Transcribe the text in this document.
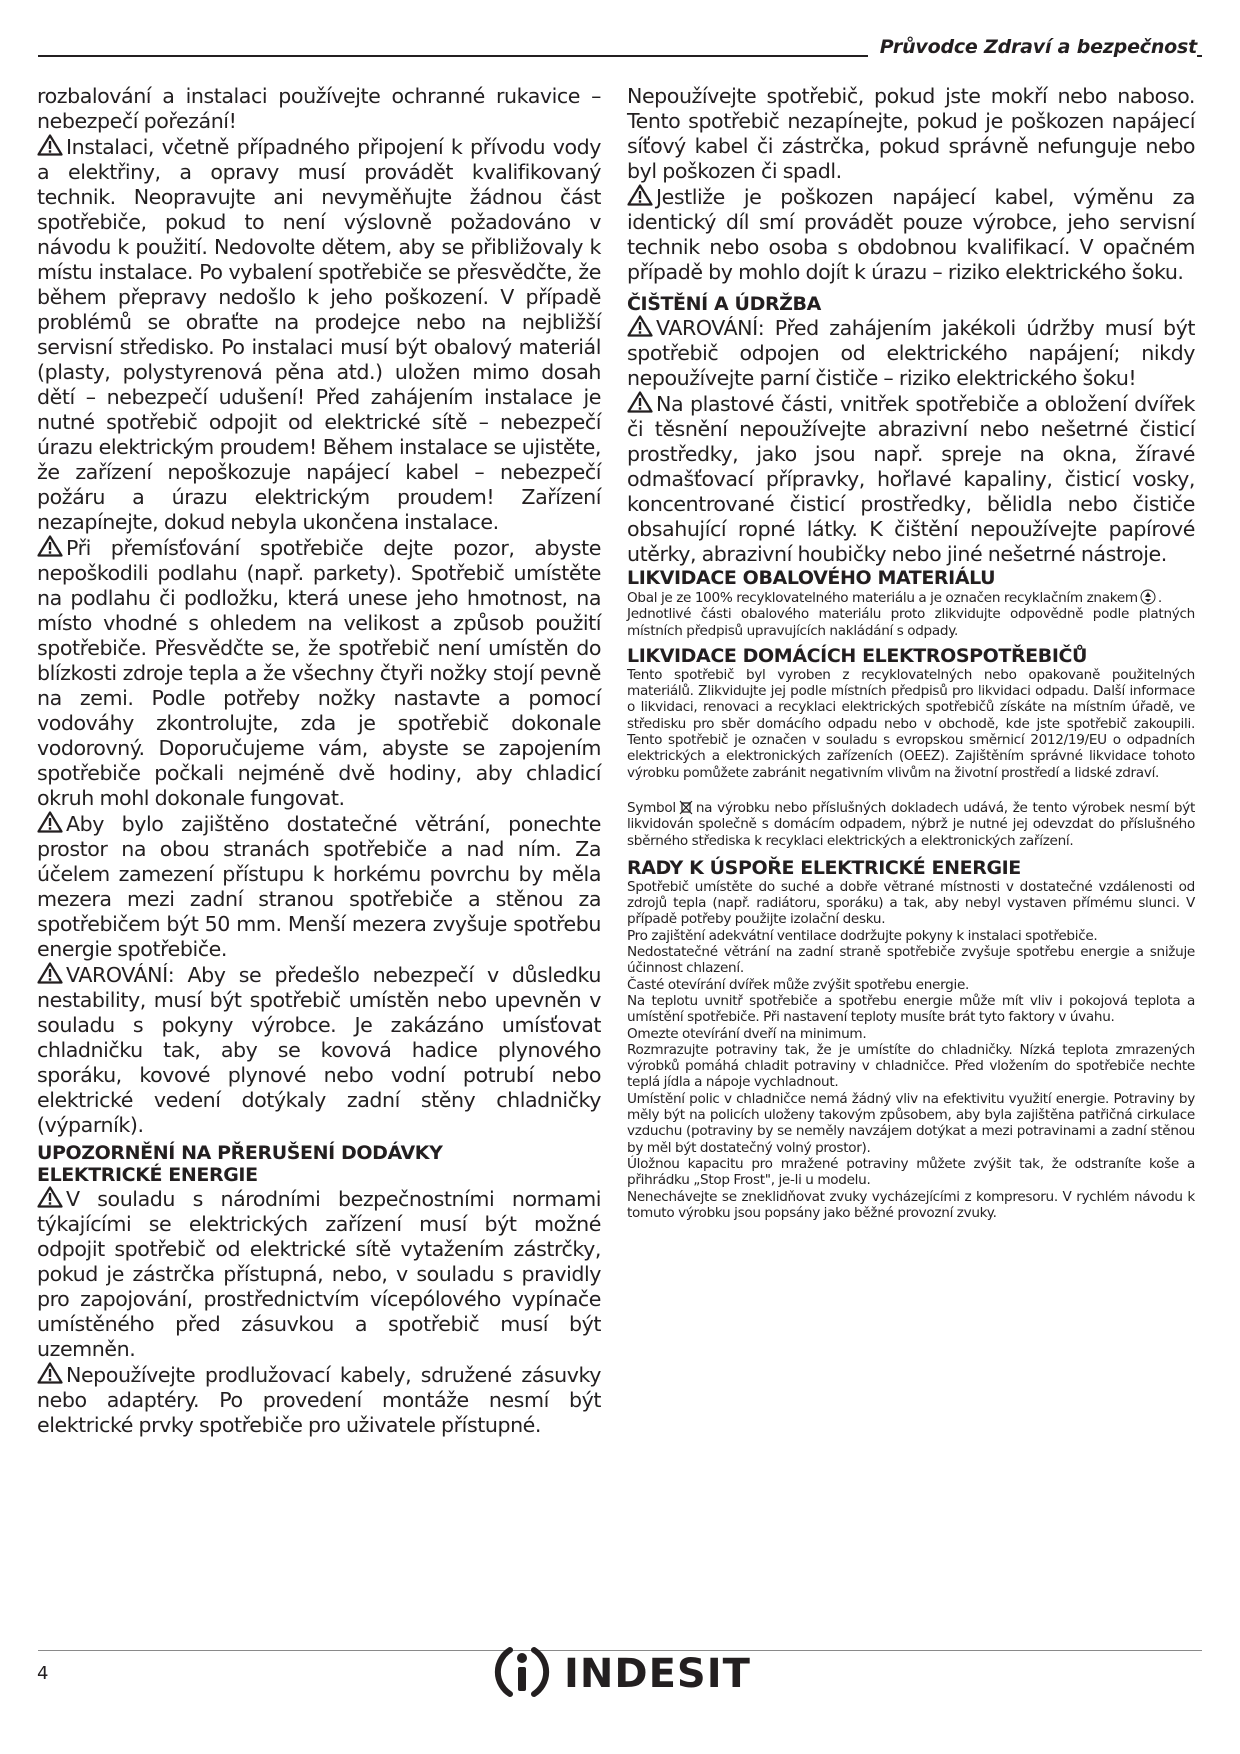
Průvodce Zdraví a bezpečnost

rozbalování a instalaci používejte ochranné rukavice – nebezpečí pořezání!

Instalaci, včetně případného připojení k přívodu vody a elektřiny, a opravy musí provádět kvalifikovaný technik. Neopravujte ani nevyměňujte žádnou část spotřebiče, pokud to není výslovně požadováno v návodu k použití. Nedovolte dětem, aby se přibližovaly k místu instalace. Po vybalení spotřebiče se přesvědčte, že během přepravy nedošlo k jeho poškození. V případě problémů se obraťte na prodejce nebo na nejbližší servisní středisko. Po instalaci musí být obalový materiál (plasty, polystyrenová pěna atd.) uložen mimo dosah dětí – nebezpečí udušení! Před zahájením instalace je nutné spotřebič odpojit od elektrické sítě – nebezpečí úrazu elektrickým proudem! Během instalace se ujistěte, že zařízení nepoškozuje napájecí kabel – nebezpečí požáru a úrazu elektrickým proudem! Zařízení nezapínejte, dokud nebyla ukončena instalace.

Při přemísťování spotřebiče dejte pozor, abyste nepoškodili podlahu (např. parkety). Spotřebič umístěte na podlahu či podložku, která unese jeho hmotnost, na místo vhodné s ohledem na velikost a způsob použití spotřebiče. Přesvědčte se, že spotřebič není umístěn do blízkosti zdroje tepla a že všechny čtyři nožky stojí pevně na zemi. Podle potřeby nožky nastavte a pomocí vodováhy zkontrolujte, zda je spotřebič dokonale vodorovný. Doporučujeme vám, abyste se zapojením spotřebiče počkali nejméně dvě hodiny, aby chladicí okruh mohl dokonale fungovat.

Aby bylo zajištěno dostatečné větrání, ponechte prostor na obou stranách spotřebiče a nad ním. Za účelem zamezení přístupu k horkému povrchu by měla mezera mezi zadní stranou spotřebiče a stěnou za spotřebičem být 50 mm. Menší mezera zvyšuje spotřebu energie spotřebiče.

VAROVÁNÍ: Aby se předešlo nebezpečí v důsledku nestability, musí být spotřebič umístěn nebo upevněn v souladu s pokyny výrobce. Je zakázáno umísťovat chladničku tak, aby se kovová hadice plynového sporáku, kovové plynové nebo vodní potrubí nebo elektrické vedení dotýkaly zadní stěny chladničky (výparník).

UPOZORNĚNÍ NA PŘERUŠENÍ DODÁVKY

ELEKTRICKÉ ENERGIE

V souladu s národními bezpečnostními normami týkajícími se elektrických zařízení musí být možné odpojit spotřebič od elektrické sítě vytažením zástrčky, pokud je zástrčka přístupná, nebo, v souladu s pravidly pro zapojování, prostřednictvím vícepólového vypínače umístěného před zásuvkou a spotřebič musí být uzemněn.

Nepoužívejte prodlužovací kabely, sdružené zásuvky nebo adaptéry. Po provedení montáže nesmí být elektrické prvky spotřebiče pro uživatele přístupné.

Nepoužívejte spotřebič, pokud jste mokří nebo naboso. Tento spotřebič nezapínejte, pokud je poškozen napájecí síťový kabel či zástrčka, pokud správně nefunguje nebo byl poškozen či spadl.

Jestliže je poškozen napájecí kabel, výměnu za identický díl smí provádět pouze výrobce, jeho servisní technik nebo osoba s obdobnou kvalifikací. V opačném případě by mohlo dojít k úrazu – riziko elektrického šoku.

ČIŠTĚNÍ A ÚDRŽBA

VAROVÁNÍ: Před zahájením jakékoli údržby musí být spotřebič odpojen od elektrického napájení; nikdy nepoužívejte parní čističe – riziko elektrického šoku!

Na plastové části, vnitřek spotřebiče a obložení dvířek či těsnění nepoužívejte abrazivní nebo nešetrné čisticí prostředky, jako jsou např. spreje na okna, žíravé odmašťovací přípravky, hořlavé kapaliny, čisticí vosky, koncentrované čisticí prostředky, bělidla nebo čističe obsahující ropné látky. K čištění nepoužívejte papírové utěrky, abrazivní houbičky nebo jiné nešetrné nástroje.

LIKVIDACE OBALOVÉHO MATERIÁLU

Obal je ze 100% recyklovatelného materiálu a je označen recyklačním znakem .

Jednotlivé části obalového materiálu proto zlikvidujte odpovědně podle platných místních předpisů upravujících nakládání s odpady.

LIKVIDACE DOMÁCÍCH ELEKTROSPOTŘEBIČŮ

Tento spotřebič byl vyroben z recyklovatelných nebo opakovaně použitelných materiálů. Zlikvidujte jej podle místních předpisů pro likvidaci odpadu. Další informace o likvidaci, renovaci a recyklaci elektrických spotřebičů získáte na místním úřadě, ve středisku pro sběr domácího odpadu nebo v obchodě, kde jste spotřebič zakoupili. Tento spotřebič je označen v souladu s evropskou směrnicí 2012/19/EU o odpadních elektrických a elektronických zařízeních (OEEZ). Zajištěním správné likvidace tohoto výrobku pomůžete zabránit negativním vlivům na životní prostředí a lidské zdraví.

Symbol na výrobku nebo příslušných dokladech udává, že tento výrobek nesmí být likvidován společně s domácím odpadem, nýbrž je nutné jej odevzdat do příslušného sběrného střediska k recyklaci elektrických a elektronických zařízení.

RADY K ÚSPOŘE ELEKTRICKÉ ENERGIE

Spotřebič umístěte do suché a dobře větrané místnosti v dostatečné vzdálenosti od zdrojů tepla (např. radiátoru, sporáku) a tak, aby nebyl vystaven přímému slunci. V případě potřeby použijte izolační desku.

Pro zajištění adekvátní ventilace dodržujte pokyny k instalaci spotřebiče.

Nedostatečné větrání na zadní straně spotřebiče zvyšuje spotřebu energie a snižuje účinnost chlazení.

Časté otevírání dvířek může zvýšit spotřebu energie.

Na teplotu uvnitř spotřebiče a spotřebu energie může mít vliv i pokojová teplota a umístění spotřebiče. Při nastavení teploty musíte brát tyto faktory v úvahu.

Omezte otevírání dveří na minimum.

Rozmrazujte potraviny tak, že je umístíte do chladničky. Nízká teplota zmrazených výrobků pomáhá chladit potraviny v chladničce. Před vložením do spotřebiče nechte teplá jídla a nápoje vychladnout.

Umístění polic v chladničce nemá žádný vliv na efektivitu využití energie. Potraviny by měly být na policích uloženy takovým způsobem, aby byla zajištěna patřičná cirkulace vzduchu (potraviny by se neměly navzájem dotýkat a mezi potravinami a zadní stěnou by měl být dostatečný volný prostor).

Úložnou kapacitu pro mražené potraviny můžete zvýšit tak, že odstraníte koše a přihrádku „Stop Frost", je-li u modelu.

Nenechávejte se zneklidňovat zvuky vycházejícími z kompresoru. V rychlém návodu k tomuto výrobku jsou popsány jako běžné provozní zvuky.

4	INDESIT
